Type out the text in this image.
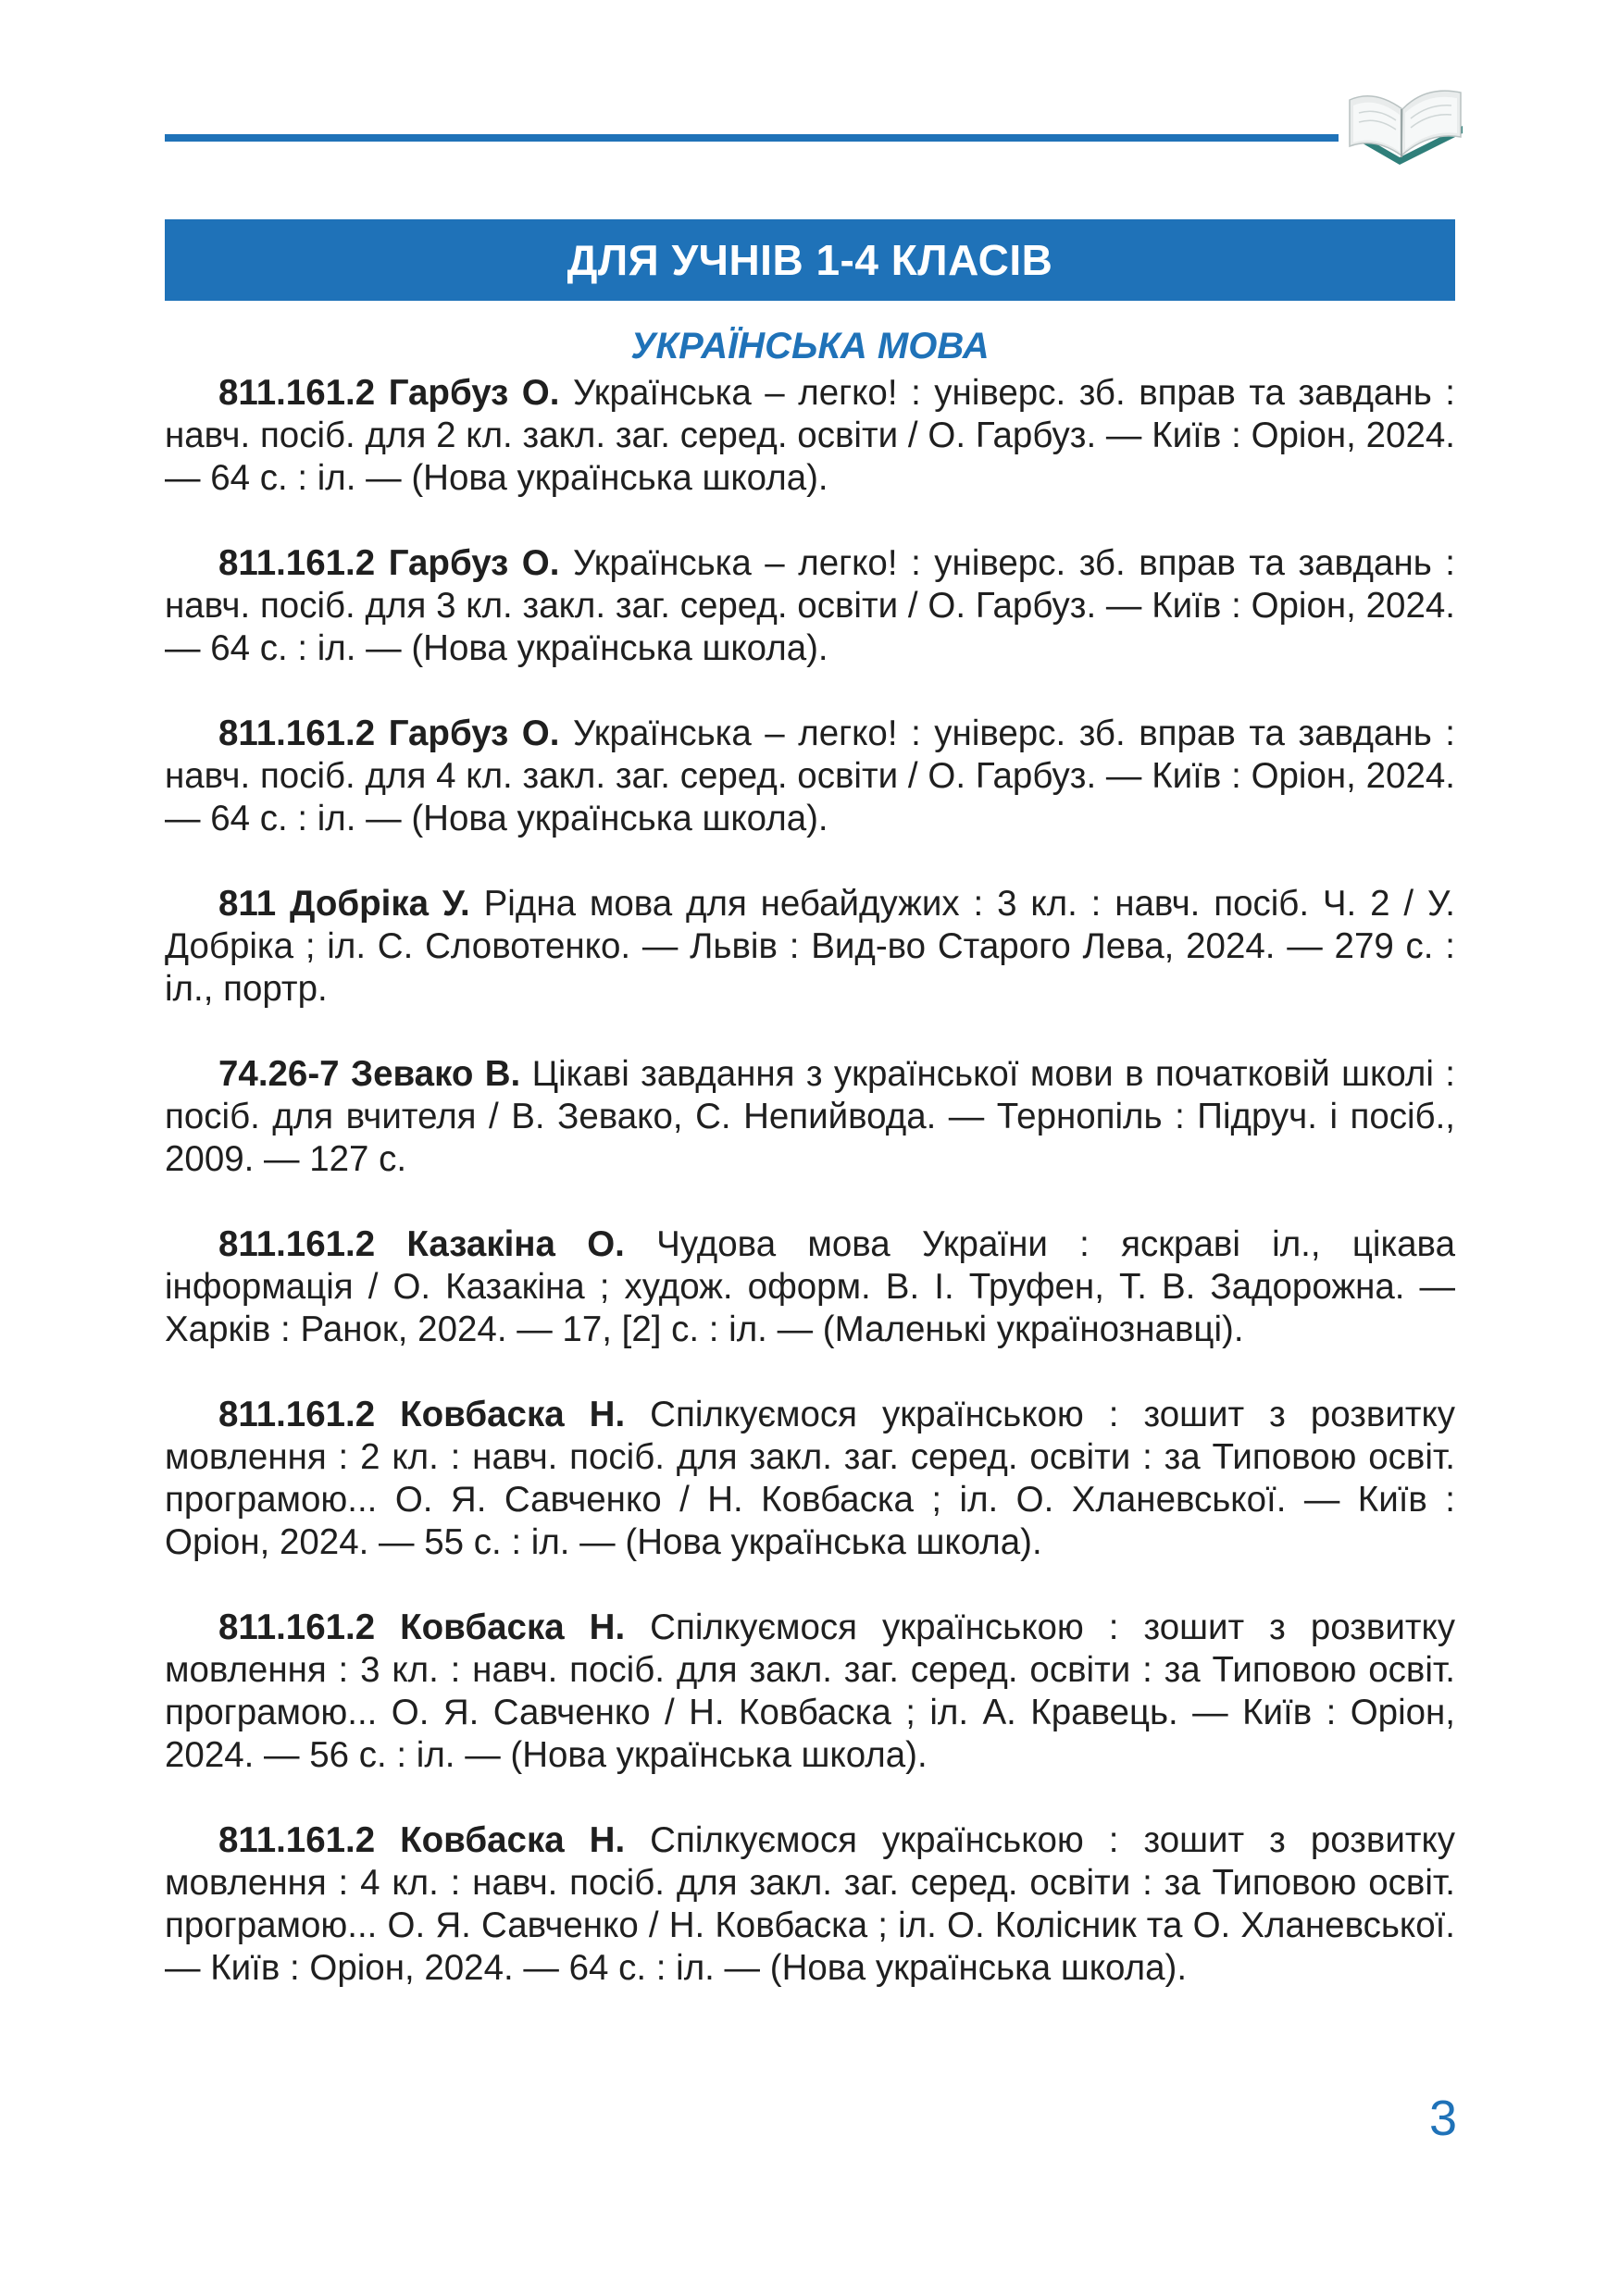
ДЛЯ УЧНІВ 1-4 КЛАСІВ
УКРАЇНСЬКА МОВА

811.161.2 Гарбуз О. Українська – легко! : універс. зб. вправ та завдань : навч. посіб. для 2 кл. закл. заг. серед. освіти / О. Гарбуз. — Київ : Оріон, 2024. — 64 с. : іл. — (Нова українська школа).

811.161.2 Гарбуз О. Українська – легко! : універс. зб. вправ та завдань : навч. посіб. для 3 кл. закл. заг. серед. освіти / О. Гарбуз. — Київ : Оріон, 2024. — 64 с. : іл. — (Нова українська школа).

811.161.2 Гарбуз О. Українська – легко! : універс. зб. вправ та завдань : навч. посіб. для 4 кл. закл. заг. серед. освіти / О. Гарбуз. — Київ : Оріон, 2024. — 64 с. : іл. — (Нова українська школа).

811 Добріка У. Рідна мова для небайдужих : 3 кл. : навч. посіб. Ч. 2 / У. Добріка ; іл. С. Словотенко. — Львів : Вид-во Старого Лева, 2024. — 279 с. : іл., портр.

74.26-7 Зевако В. Цікаві завдання з української мови в початковій школі : посіб. для вчителя / В. Зевако, С. Непийвода. — Тернопіль : Підруч. і посіб., 2009. — 127 с.

811.161.2 Казакіна О. Чудова мова України : яскраві іл., цікава інформація / О. Казакіна ; худож. оформ. В. І. Труфен, Т. В. Задорожна. — Харків : Ранок, 2024. — 17, [2] с. : іл. — (Маленькі українознавці).

811.161.2 Ковбаска Н. Спілкуємося українською : зошит з розвитку мовлення : 2 кл. : навч. посіб. для закл. заг. серед. освіти : за Типовою освіт. програмою... О. Я. Савченко / Н. Ковбаска ; іл. О. Хланевської. — Київ : Оріон, 2024. — 55 с. : іл. — (Нова українська школа).

811.161.2 Ковбаска Н. Спілкуємося українською : зошит з розвитку мовлення : 3 кл. : навч. посіб. для закл. заг. серед. освіти : за Типовою освіт. програмою... О. Я. Савченко / Н. Ковбаска ; іл. А. Кравець. — Київ : Оріон, 2024. — 56 с. : іл. — (Нова українська школа).

811.161.2 Ковбаска Н. Спілкуємося українською : зошит з розвитку мовлення : 4 кл. : навч. посіб. для закл. заг. серед. освіти : за Типовою освіт. програмою... О. Я. Савченко / Н. Ковбаска ; іл. О. Колісник та О. Хланевської. — Київ : Оріон, 2024. — 64 с. : іл. — (Нова українська школа).

3
